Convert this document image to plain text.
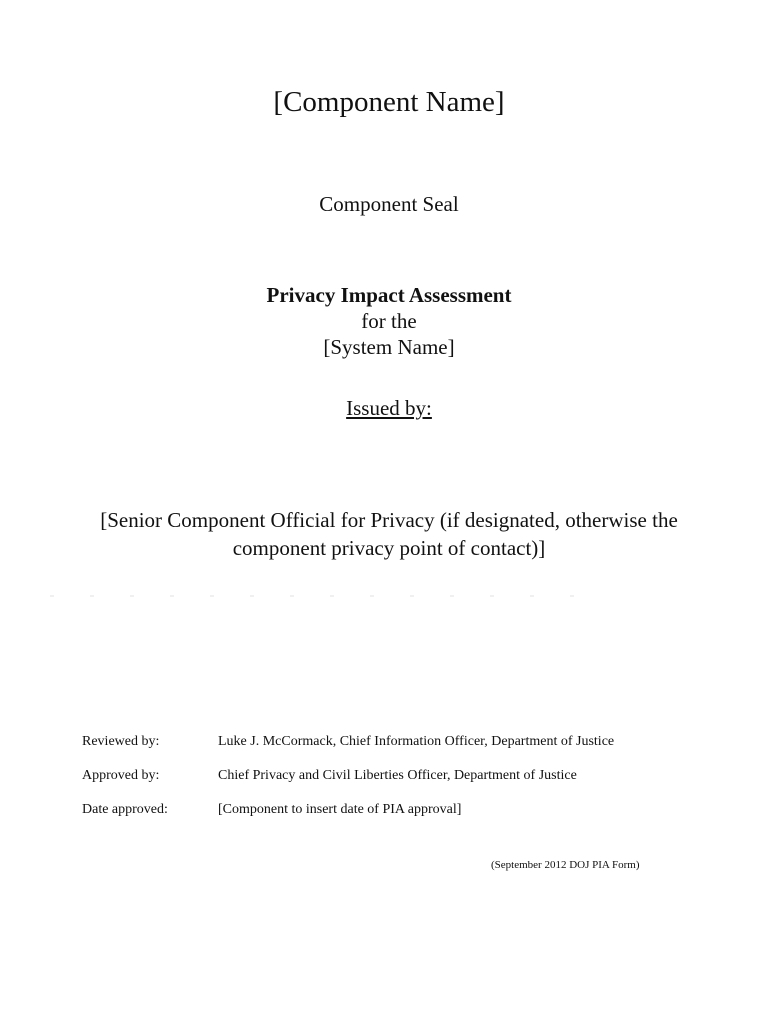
[Component Name]
Component Seal
Privacy Impact Assessment
for the
[System Name]
Issued by:
[Senior Component Official for Privacy (if designated, otherwise the
component privacy point of contact)]
Reviewed by:	Luke J. McCormack, Chief Information Officer, Department of Justice
Approved by:	Chief Privacy and Civil Liberties Officer, Department of Justice
Date approved:	[Component to insert date of PIA approval]
(September 2012 DOJ PIA Form)
